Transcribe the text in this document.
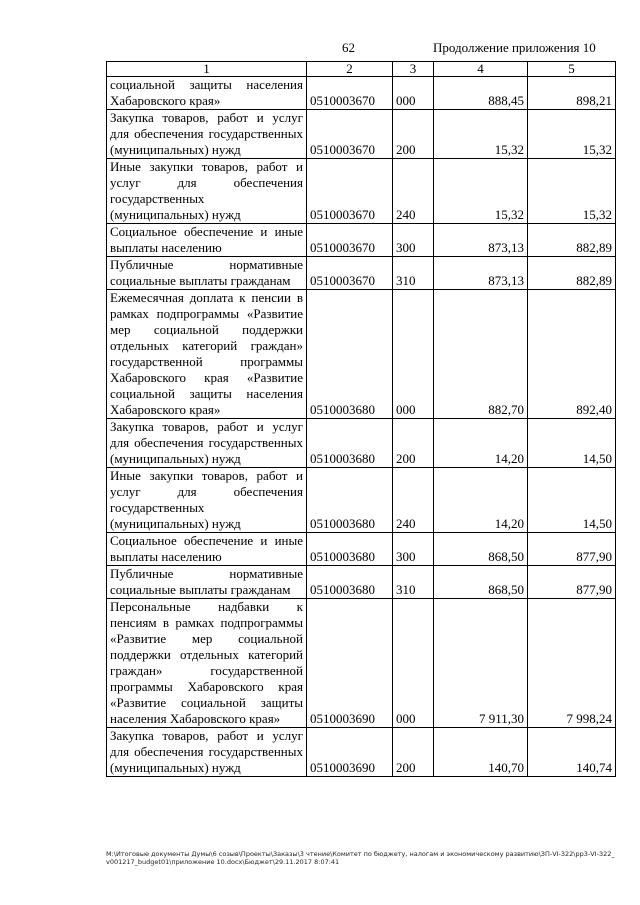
62	Продолжение приложения 10
1	2	3	4	5
социальной защиты населения Хабаровского края»	0510003670	000	888,45	898,21
Закупка товаров, работ и услуг для обеспечения государственных (муниципальных) нужд	0510003670	200	15,32	15,32
Иные закупки товаров, работ и услуг для обеспечения государственных (муниципальных) нужд	0510003670	240	15,32	15,32
Социальное обеспечение и иные выплаты населению	0510003670	300	873,13	882,89
Публичные нормативные социальные выплаты гражданам	0510003670	310	873,13	882,89
Ежемесячная доплата к пенсии в рамках подпрограммы «Развитие мер социальной поддержки отдельных категорий граждан» государственной программы Хабаровского края «Развитие социальной защиты населения Хабаровского края»	0510003680	000	882,70	892,40
Закупка товаров, работ и услуг для обеспечения государственных (муниципальных) нужд	0510003680	200	14,20	14,50
Иные закупки товаров, работ и услуг для обеспечения государственных (муниципальных) нужд	0510003680	240	14,20	14,50
Социальное обеспечение и иные выплаты населению	0510003680	300	868,50	877,90
Публичные нормативные социальные выплаты гражданам	0510003680	310	868,50	877,90
Персональные надбавки к пенсиям в рамках подпрограммы «Развитие мер социальной поддержки отдельных категорий граждан» государственной программы Хабаровского края «Развитие социальной защиты населения Хабаровского края»	0510003690	000	7 911,30	7 998,24
Закупка товаров, работ и услуг для обеспечения государственных (муниципальных) нужд	0510003690	200	140,70	140,74
M:\Итоговые документы Думы\6 созыв\Проекты\Заказы\3 чтение\Комитет по бюджету, налогам и экономическому развитию\ЗП-VI-322\рр3-VI-322_v001217_budget01\приложение 10.docx\Бюджет\29.11.2017 8:07:41
